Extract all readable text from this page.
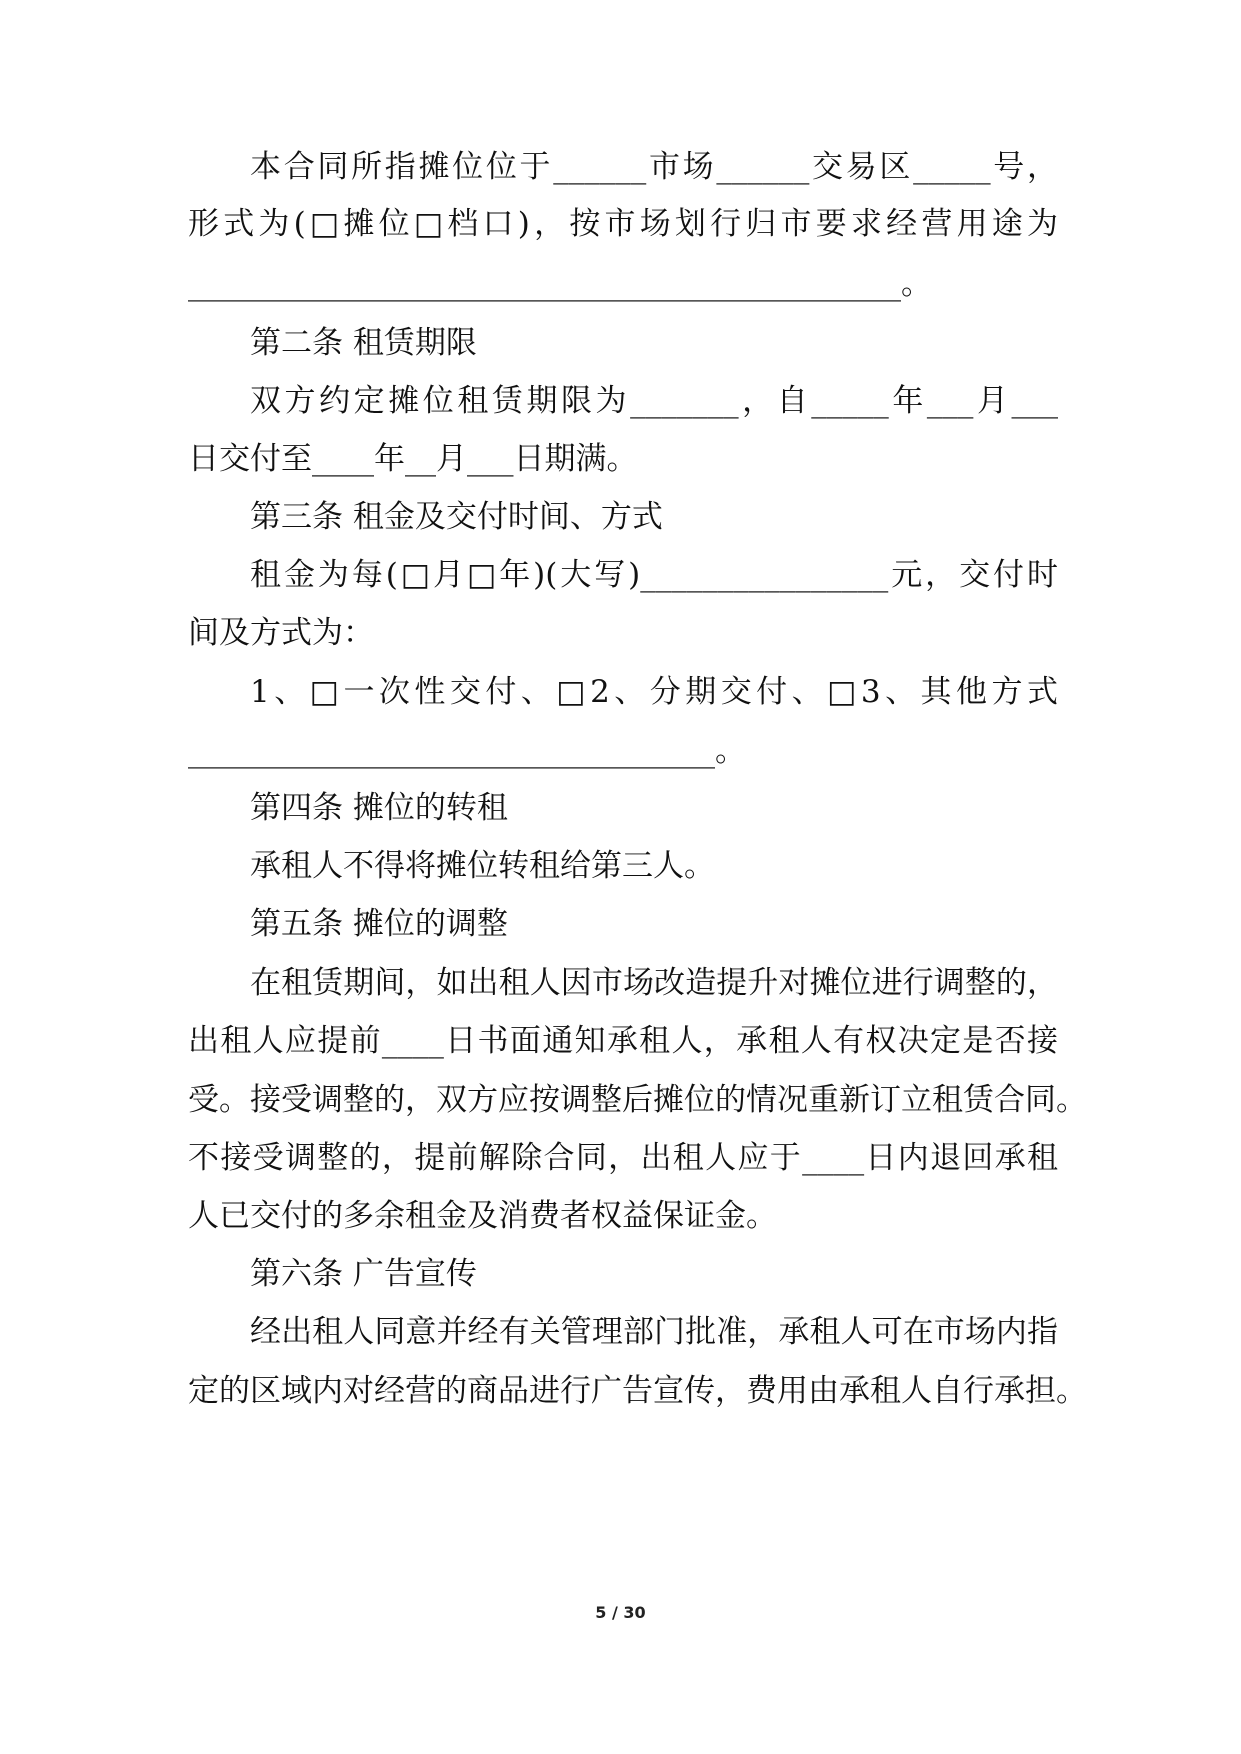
本合同所指摊位位于______市场______交易区_____号，
形式为(□摊位□档口)，按市场划行归市要求经营用途为
______________________________________________。
第二条 租赁期限
双方约定摊位租赁期限为_______，自_____年___月___
日交付至____年__月___日期满。
第三条 租金及交付时间、方式
租金为每(□月□年)(大写)________________元，交付时
间及方式为：
1、□一次性交付、□2、分期交付、□3、其他方式
__________________________________。
第四条 摊位的转租
承租人不得将摊位转租给第三人。
第五条 摊位的调整
在租赁期间，如出租人因市场改造提升对摊位进行调整的，
出租人应提前____日书面通知承租人，承租人有权决定是否接
受。接受调整的，双方应按调整后摊位的情况重新订立租赁合同。
不接受调整的，提前解除合同，出租人应于____日内退回承租
人已交付的多余租金及消费者权益保证金。
第六条 广告宣传
经出租人同意并经有关管理部门批准，承租人可在市场内指
定的区域内对经营的商品进行广告宣传，费用由承租人自行承担。
5 / 30
